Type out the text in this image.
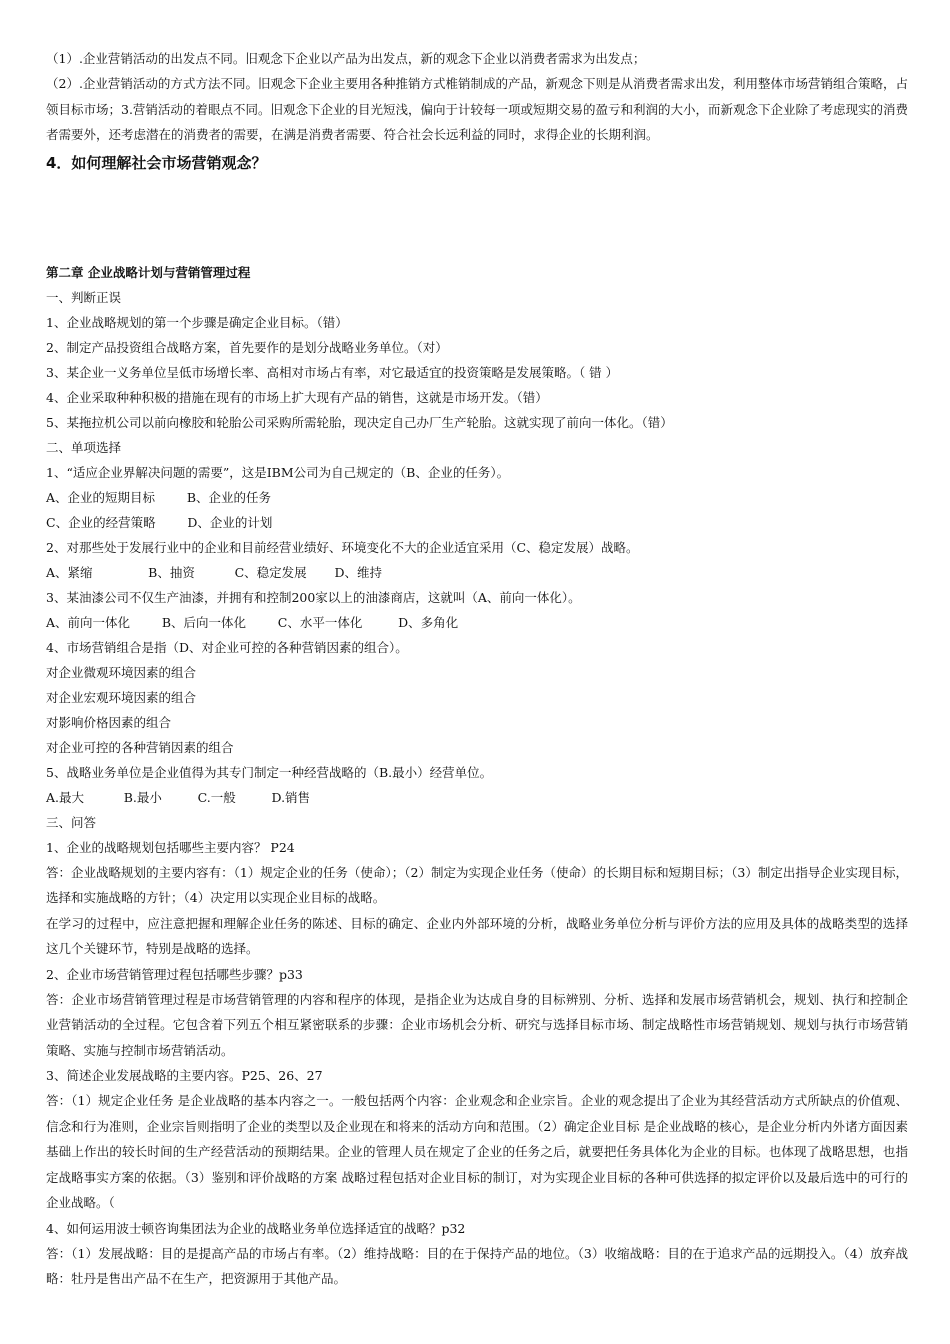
（1）.企业营销活动的出发点不同。旧观念下企业以产品为出发点，新的观念下企业以消费者需求为出发点；

（2）.企业营销活动的方式方法不同。旧观念下企业主要用各种推销方式椎销制成的产品，新观念下则是从消费者需求出发，利用整体市场营销组合策略，占领目标市场；3.营销活动的着眼点不同。旧观念下企业的目光短浅，偏向于计较每一项或短期交易的盈亏和利润的大小，而新观念下企业除了考虑现实的消费者需要外，还考虑潜在的消费者的需要，在满是消费者需要、符合社会长远利益的同时，求得企业的长期利润。

4．如何理解社会市场营销观念？

第二章 企业战略计划与营销管理过程

一、判断正误

1、企业战略规划的第一个步骤是确定企业目标。（错）

2、制定产品投资组合战略方案，首先要作的是划分战略业务单位。（对）

3、某企业一义务单位呈低市场增长率、高相对市场占有率，对它最适宜的投资策略是发展策略。（ 错 ）

4、企业采取种种积极的措施在现有的市场上扩大现有产品的销售，这就是市场开发。（错）

5、某拖拉机公司以前向橡胶和轮胎公司采购所需轮胎，现决定自己办厂生产轮胎。这就实现了前向一体化。（错）

二、单项选择

1、“适应企业界解决问题的需要”，这是IBM公司为自己规定的（B、企业的任务）。

A、企业的短期目标        B、企业的任务

C、企业的经营策略        D、企业的计划

2、对那些处于发展行业中的企业和目前经营业绩好、环境变化不大的企业适宜采用（C、稳定发展）战略。

A、紧缩              B、抽资          C、稳定发展       D、维持

3、某油漆公司不仅生产油漆，并拥有和控制200家以上的油漆商店，这就叫（A、前向一体化）。

A、前向一体化        B、后向一体化        C、水平一体化         D、多角化

4、市场营销组合是指（D、对企业可控的各种营销因素的组合）。

对企业微观环境因素的组合

对企业宏观环境因素的组合

对影响价格因素的组合

对企业可控的各种营销因素的组合

5、战略业务单位是企业值得为其专门制定一种经营战略的（B.最小）经营单位。

A.最大          B.最小         C.一般         D.销售

三、问答

1、企业的战略规划包括哪些主要内容？ P24

答：企业战略规划的主要内容有：（1）规定企业的任务（使命）；（2）制定为实现企业任务（使命）的长期目标和短期目标；（3）制定出指导企业实现目标，选择和实施战略的方针；（4）决定用以实现企业目标的战略。

在学习的过程中，应注意把握和理解企业任务的陈述、目标的确定、企业内外部环境的分析，战略业务单位分析与评价方法的应用及具体的战略类型的选择这几个关键环节，特别是战略的选择。

2、企业市场营销管理过程包括哪些步骤？p33

答：企业市场营销管理过程是市场营销管理的内容和程序的体现，是指企业为达成自身的目标辨别、分析、选择和发展市场营销机会，规划、执行和控制企业营销活动的全过程。它包含着下列五个相互紧密联系的步骤：企业市场机会分析、研究与选择目标市场、制定战略性市场营销规划、规划与执行市场营销策略、实施与控制市场营销活动。

3、简述企业发展战略的主要内容。P25、26、27

答：（1）规定企业任务 是企业战略的基本内容之一。一般包括两个内容：企业观念和企业宗旨。企业的观念提出了企业为其经营活动方式所缺点的价值观、信念和行为准则，企业宗旨则指明了企业的类型以及企业现在和将来的活动方向和范围。（2）确定企业目标 是企业战略的核心，是企业分析内外诸方面因素基础上作出的较长时间的生产经营活动的预期结果。企业的管理人员在规定了企业的任务之后，就要把任务具体化为企业的目标。也体现了战略思想，也指定战略事实方案的依据。（3）鉴别和评价战略的方案 战略过程包括对企业目标的制订，对为实现企业目标的各种可供选择的拟定评价以及最后选中的可行的企业战略。（

4、如何运用波士顿咨询集团法为企业的战略业务单位选择适宜的战略？p32

答：（1）发展战略：目的是提高产品的市场占有率。（2）维持战略：目的在于保持产品的地位。（3）收缩战略：目的在于追求产品的远期投入。（4）放弃战略：牡丹是售出产品不在生产，把资源用于其他产品。
